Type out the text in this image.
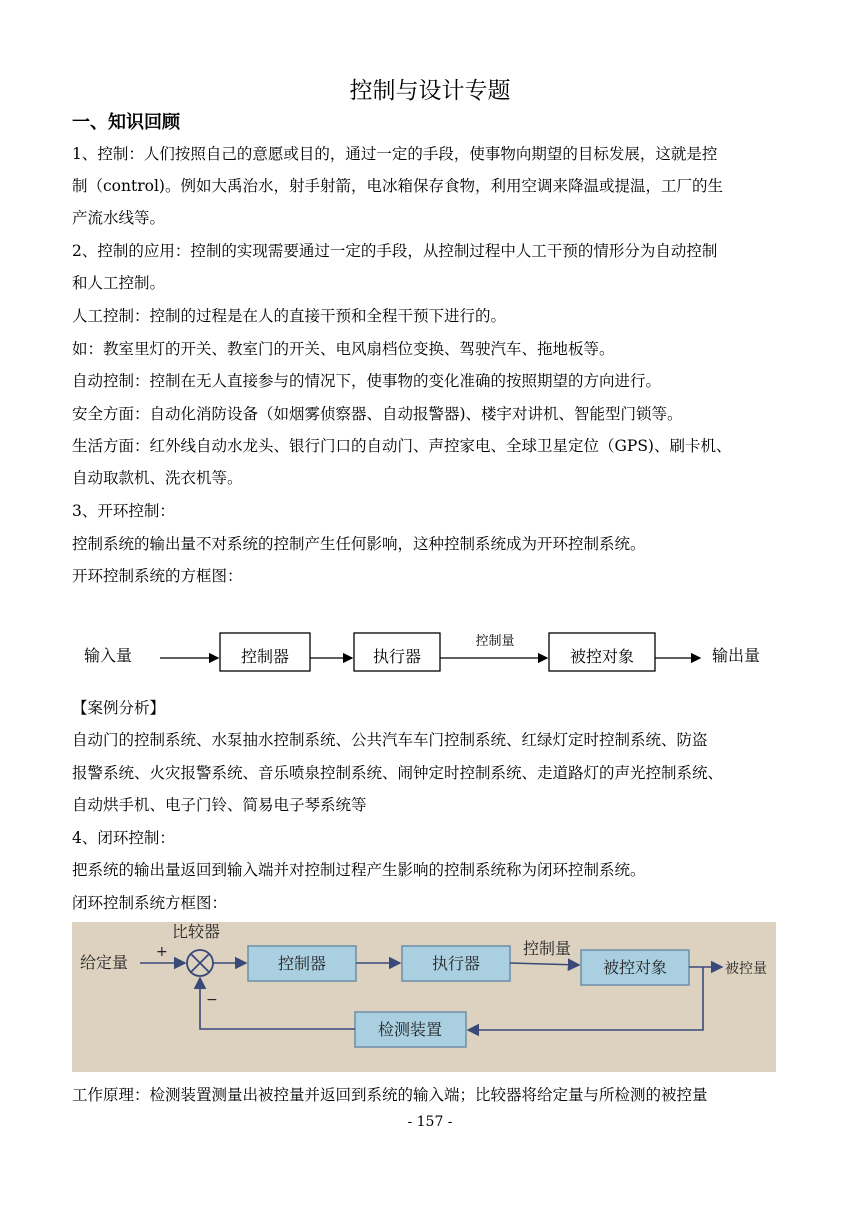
控制与设计专题
一、知识回顾
1、控制：人们按照自己的意愿或目的，通过一定的手段，使事物向期望的目标发展，这就是控
制（control)。例如大禹治水，射手射箭，电冰箱保存食物，利用空调来降温或提温，工厂的生
产流水线等。
2、控制的应用：控制的实现需要通过一定的手段，从控制过程中人工干预的情形分为自动控制
和人工控制。
人工控制：控制的过程是在人的直接干预和全程干预下进行的。
如：教室里灯的开关、教室门的开关、电风扇档位变换、驾驶汽车、拖地板等。
自动控制：控制在无人直接参与的情况下，使事物的变化准确的按照期望的方向进行。
安全方面：自动化消防设备（如烟雾侦察器、自动报警器)、楼宇对讲机、智能型门锁等。
生活方面：红外线自动水龙头、银行门口的自动门、声控家电、全球卫星定位（GPS)、刷卡机、
自动取款机、洗衣机等。
3、开环控制：
控制系统的输出量不对系统的控制产生任何影响，这种控制系统成为开环控制系统。
开环控制系统的方框图：
输入量	控制器	执行器
控制量
被控对象	输出量
【案例分析】
自动门的控制系统、水泵抽水控制系统、公共汽车车门控制系统、红绿灯定时控制系统、防盗
报警系统、火灾报警系统、音乐喷泉控制系统、闹钟定时控制系统、走道路灯的声光控制系统、
自动烘手机、电子门铃、简易电子琴系统等
4、闭环控制：
把系统的输出量返回到输入端并对控制过程产生影响的控制系统称为闭环控制系统。
闭环控制系统方框图：
给定量
+
比较器
−
控制器	执行器
控制量
被控对象	被控量
检测装置
工作原理：检测装置测量出被控量并返回到系统的输入端；比较器将给定量与所检测的被控量
- 157 -
